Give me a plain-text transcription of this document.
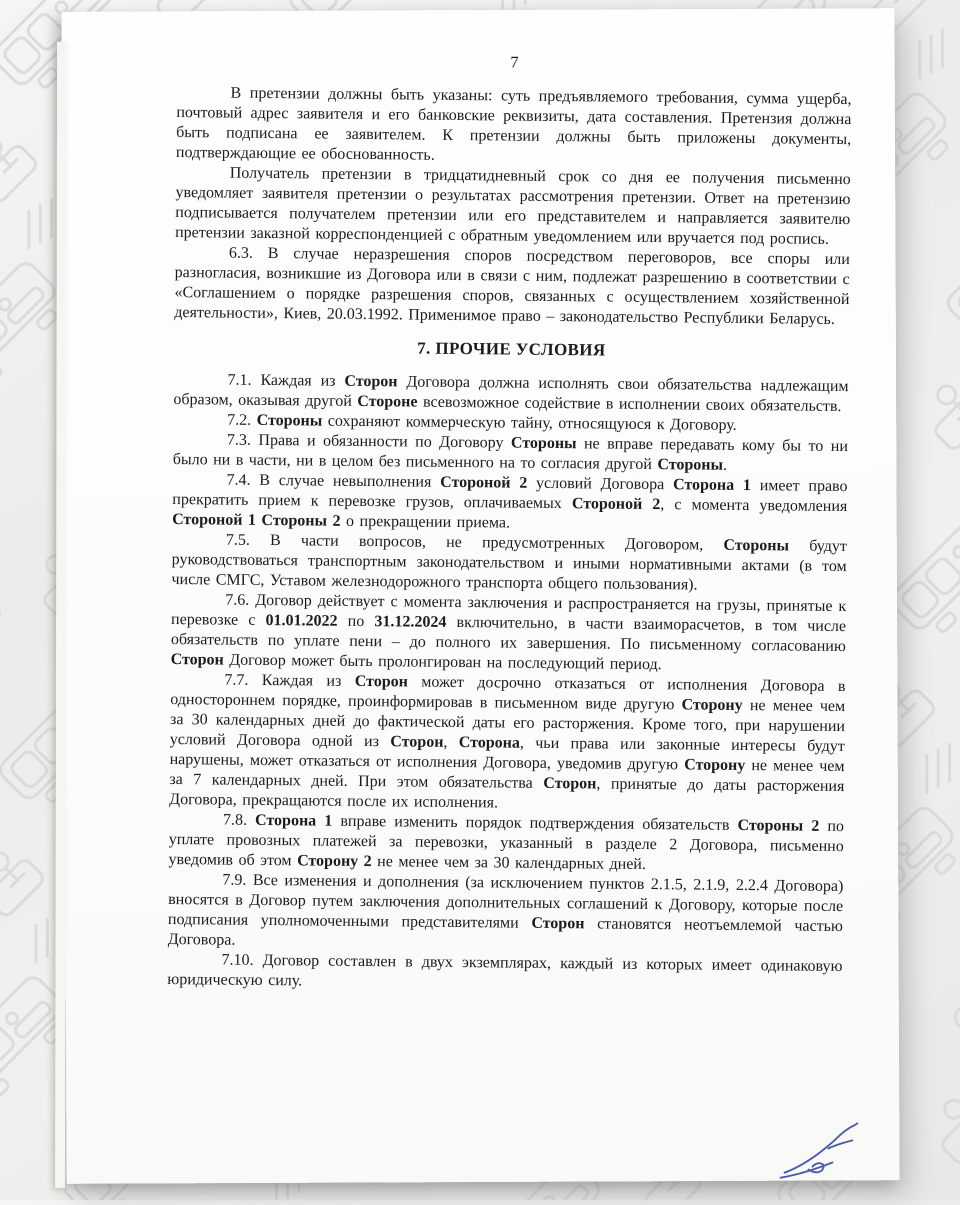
7
В претензии должны быть указаны: суть предъявляемого требования, сумма ущерба, почтовый адрес заявителя и его банковские реквизиты, дата составления. Претензия должна быть подписана ее заявителем. К претензии должны быть приложены документы, подтверждающие ее обоснованность.
Получатель претензии в тридцатидневный срок со дня ее получения письменно уведомляет заявителя претензии о результатах рассмотрения претензии. Ответ на претензию подписывается получателем претензии или его представителем и направляется заявителю претензии заказной корреспонденцией с обратным уведомлением или вручается под роспись.
6.3. В случае неразрешения споров посредством переговоров, все споры или разногласия, возникшие из Договора или в связи с ним, подлежат разрешению в соответствии с «Соглашением о порядке разрешения споров, связанных с осуществлением хозяйственной деятельности», Киев, 20.03.1992. Применимое право – законодательство Республики Беларусь.
7. ПРОЧИЕ УСЛОВИЯ
7.1. Каждая из Сторон Договора должна исполнять свои обязательства надлежащим образом, оказывая другой Стороне всевозможное содействие в исполнении своих обязательств.
7.2. Стороны сохраняют коммерческую тайну, относящуюся к Договору.
7.3. Права и обязанности по Договору Стороны не вправе передавать кому бы то ни было ни в части, ни в целом без письменного на то согласия другой Стороны.
7.4. В случае невыполнения Стороной 2 условий Договора Сторона 1 имеет право прекратить прием к перевозке грузов, оплачиваемых Стороной 2, с момента уведомления Стороной 1 Стороны 2 о прекращении приема.
7.5. В части вопросов, не предусмотренных Договором, Стороны будут руководствоваться транспортным законодательством и иными нормативными актами (в том числе СМГС, Уставом железнодорожного транспорта общего пользования).
7.6. Договор действует с момента заключения и распространяется на грузы, принятые к перевозке с 01.01.2022 по 31.12.2024 включительно, в части взаиморасчетов, в том числе обязательств по уплате пени – до полного их завершения. По письменному согласованию Сторон Договор может быть пролонгирован на последующий период.
7.7. Каждая из Сторон может досрочно отказаться от исполнения Договора в одностороннем порядке, проинформировав в письменном виде другую Сторону не менее чем за 30 календарных дней до фактической даты его расторжения. Кроме того, при нарушении условий Договора одной из Сторон, Сторона, чьи права или законные интересы будут нарушены, может отказаться от исполнения Договора, уведомив другую Сторону не менее чем за 7 календарных дней. При этом обязательства Сторон, принятые до даты расторжения Договора, прекращаются после их исполнения.
7.8. Сторона 1 вправе изменить порядок подтверждения обязательств Стороны 2 по уплате провозных платежей за перевозки, указанный в разделе 2 Договора, письменно уведомив об этом Сторону 2 не менее чем за 30 календарных дней.
7.9. Все изменения и дополнения (за исключением пунктов 2.1.5, 2.1.9, 2.2.4 Договора) вносятся в Договор путем заключения дополнительных соглашений к Договору, которые после подписания уполномоченными представителями Сторон становятся неотъемлемой частью Договора.
7.10. Договор составлен в двух экземплярах, каждый из которых имеет одинаковую юридическую силу.
